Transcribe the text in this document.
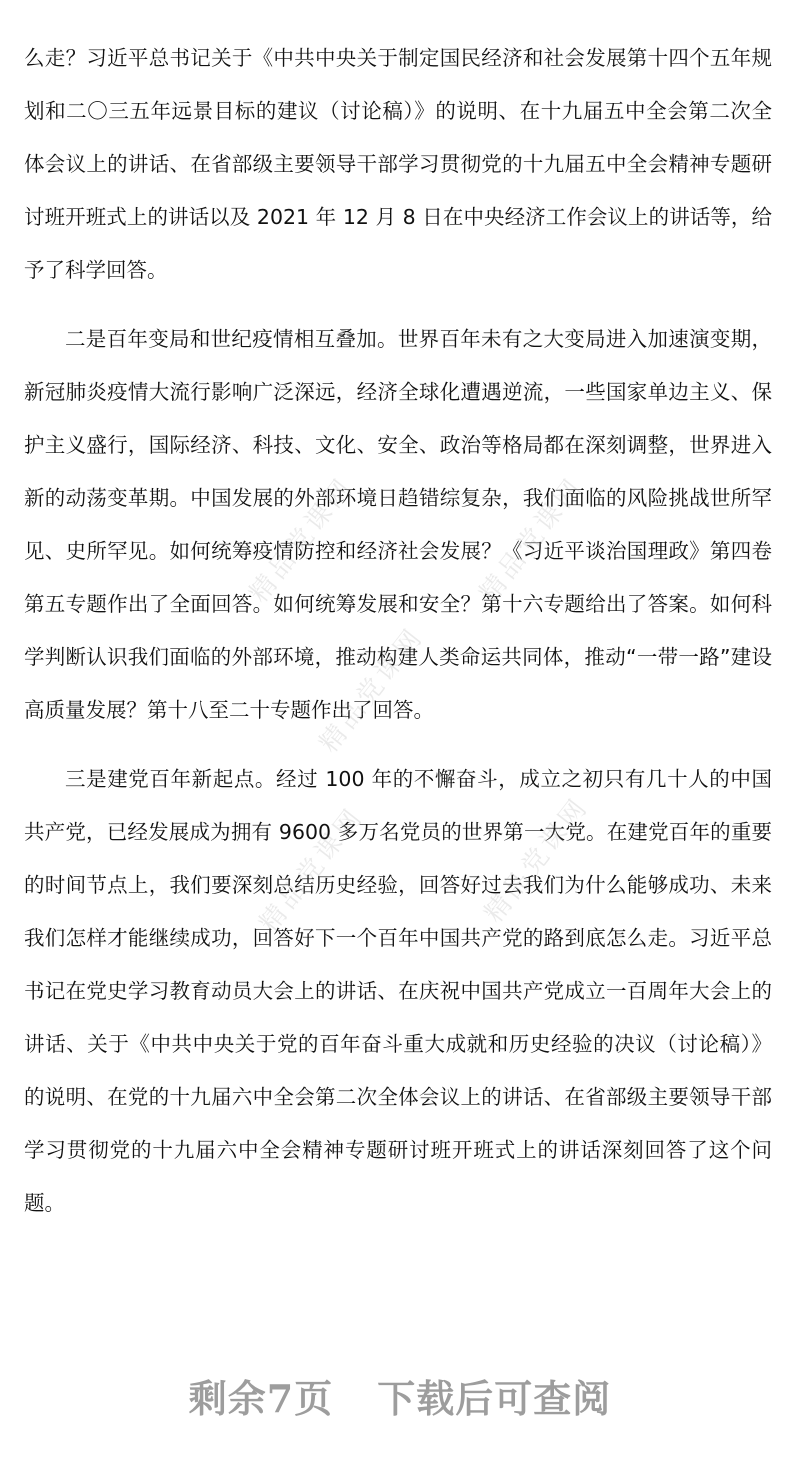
么走？习近平总书记关于《中共中央关于制定国民经济和社会发展第十四个五年规划和二〇三五年远景目标的建议（讨论稿）》的说明、在十九届五中全会第二次全体会议上的讲话、在省部级主要领导干部学习贯彻党的十九届五中全会精神专题研讨班开班式上的讲话以及 2021 年 12 月 8 日在中央经济工作会议上的讲话等，给予了科学回答。

二是百年变局和世纪疫情相互叠加。世界百年未有之大变局进入加速演变期，新冠肺炎疫情大流行影响广泛深远，经济全球化遭遇逆流，一些国家单边主义、保护主义盛行，国际经济、科技、文化、安全、政治等格局都在深刻调整，世界进入新的动荡变革期。中国发展的外部环境日趋错综复杂，我们面临的风险挑战世所罕见、史所罕见。如何统筹疫情防控和经济社会发展？《习近平谈治国理政》第四卷第五专题作出了全面回答。如何统筹发展和安全？第十六专题给出了答案。如何科学判断认识我们面临的外部环境，推动构建人类命运共同体，推动“一带一路”建设高质量发展？第十八至二十专题作出了回答。

三是建党百年新起点。经过 100 年的不懈奋斗，成立之初只有几十人的中国共产党，已经发展成为拥有 9600 多万名党员的世界第一大党。在建党百年的重要的时间节点上，我们要深刻总结历史经验，回答好过去我们为什么能够成功、未来我们怎样才能继续成功，回答好下一个百年中国共产党的路到底怎么走。习近平总书记在党史学习教育动员大会上的讲话、在庆祝中国共产党成立一百周年大会上的讲话、关于《中共中央关于党的百年奋斗重大成就和历史经验的决议（讨论稿）》的说明、在党的十九届六中全会第二次全体会议上的讲话、在省部级主要领导干部学习贯彻党的十九届六中全会精神专题研讨班开班式上的讲话深刻回答了这个问题。

精品党课网	精品党课网
精品党课网
精品党课网	精品党课网
剩余7页 下载后可查阅
